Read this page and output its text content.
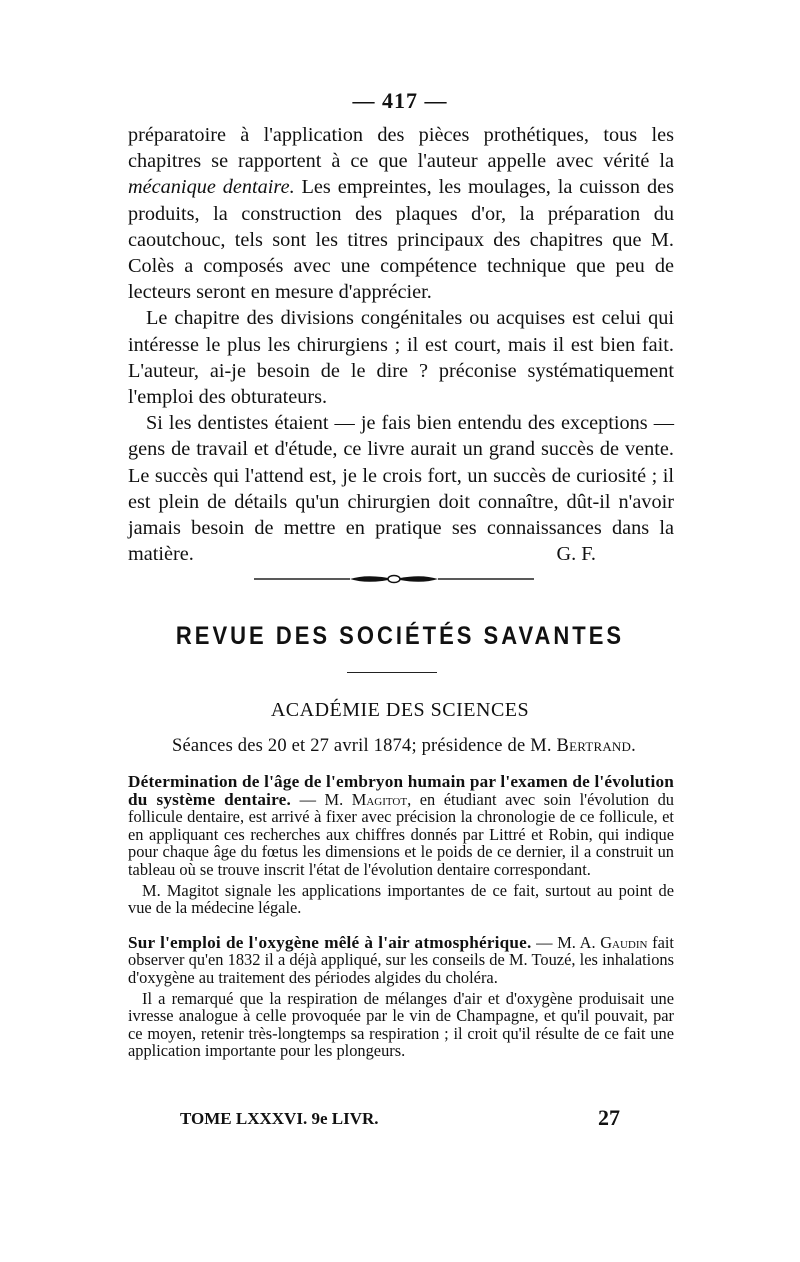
— 417 —

préparatoire à l'application des pièces prothétiques, tous les chapitres se rapportent à ce que l'auteur appelle avec vérité la mécanique dentaire. Les empreintes, les moulages, la cuisson des produits, la construction des plaques d'or, la préparation du caoutchouc, tels sont les titres principaux des chapitres que M. Colès a composés avec une compétence technique que peu de lecteurs seront en mesure d'apprécier.

Le chapitre des divisions congénitales ou acquises est celui qui intéresse le plus les chirurgiens ; il est court, mais il est bien fait. L'auteur, ai-je besoin de le dire ? préconise systématiquement l'emploi des obturateurs.

Si les dentistes étaient — je fais bien entendu des exceptions — gens de travail et d'étude, ce livre aurait un grand succès de vente. Le succès qui l'attend est, je le crois fort, un succès de curiosité ; il est plein de détails qu'un chirurgien doit connaître, dût-il n'avoir jamais besoin de mettre en pratique ses connaissances dans la matière.	G. F.

REVUE DES SOCIÉTÉS SAVANTES
ACADÉMIE DES SCIENCES
Séances des 20 et 27 avril 1874; présidence de M. Bertrand.

Détermination de l'âge de l'embryon humain par l'examen de l'évolution du système dentaire. — M. Magitot, en étudiant avec soin l'évolution du follicule dentaire, est arrivé à fixer avec précision la chronologie de ce follicule, et en appliquant ces recherches aux chiffres donnés par Littré et Robin, qui indique pour chaque âge du fœtus les dimensions et le poids de ce dernier, il a construit un tableau où se trouve inscrit l'état de l'évolution dentaire correspondant.

M. Magitot signale les applications importantes de ce fait, surtout au point de vue de la médecine légale.

Sur l'emploi de l'oxygène mêlé à l'air atmosphérique. — M. A. Gaudin fait observer qu'en 1832 il a déjà appliqué, sur les conseils de M. Touzé, les inhalations d'oxygène au traitement des périodes algides du choléra.

Il a remarqué que la respiration de mélanges d'air et d'oxygène produisait une ivresse analogue à celle provoquée par le vin de Champagne, et qu'il pouvait, par ce moyen, retenir très-longtemps sa respiration ; il croit qu'il résulte de ce fait une application importante pour les plongeurs.

TOME LXXXVI. 9e LIVR.	27
